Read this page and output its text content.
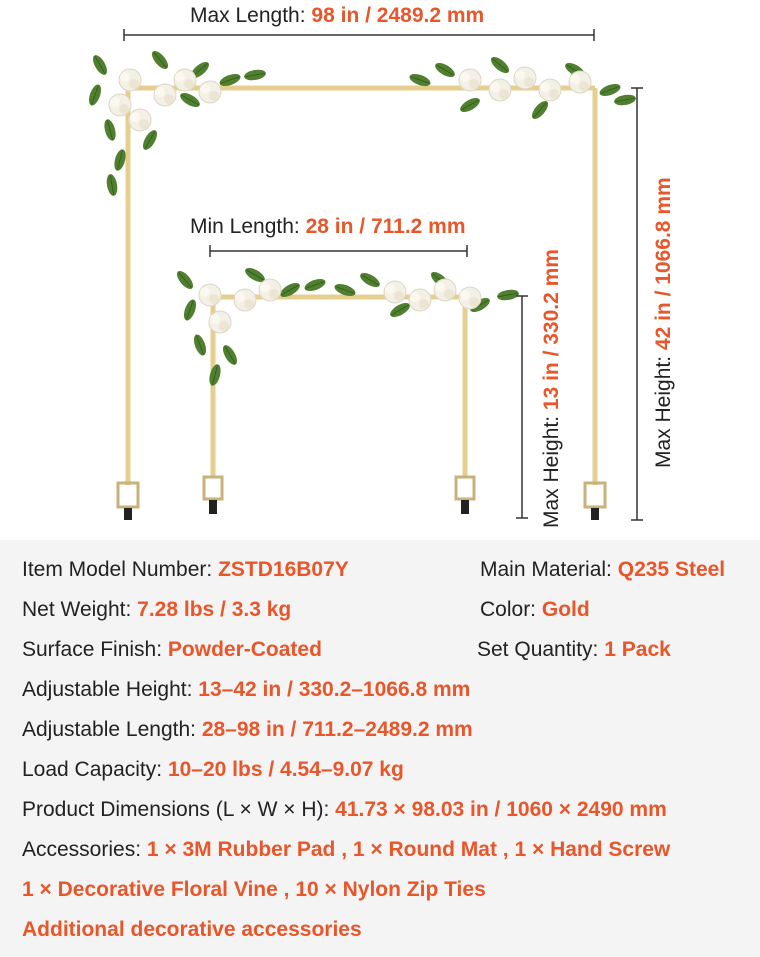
Max Length: 98 in / 2489.2 mm
Min Length: 28 in / 711.2 mm
Max Height: 13 in / 330.2 mm
Max Height: 42 in / 1066.8 mm
Item Model Number: ZSTD16B07Y	Main Material: Q235 Steel
Net Weight: 7.28 lbs / 3.3 kg	Color: Gold
Surface Finish: Powder-Coated	Set Quantity: 1 Pack
Adjustable Height: 13–42 in / 330.2–1066.8 mm
Adjustable Length: 28–98 in / 711.2–2489.2 mm
Load Capacity: 10–20 lbs / 4.54–9.07 kg
Product Dimensions (L × W × H): 41.73 × 98.03 in / 1060 × 2490 mm
Accessories: 1 × 3M Rubber Pad , 1 × Round Mat , 1 × Hand Screw
1 × Decorative Floral Vine , 10 × Nylon Zip Ties
Additional decorative accessories
